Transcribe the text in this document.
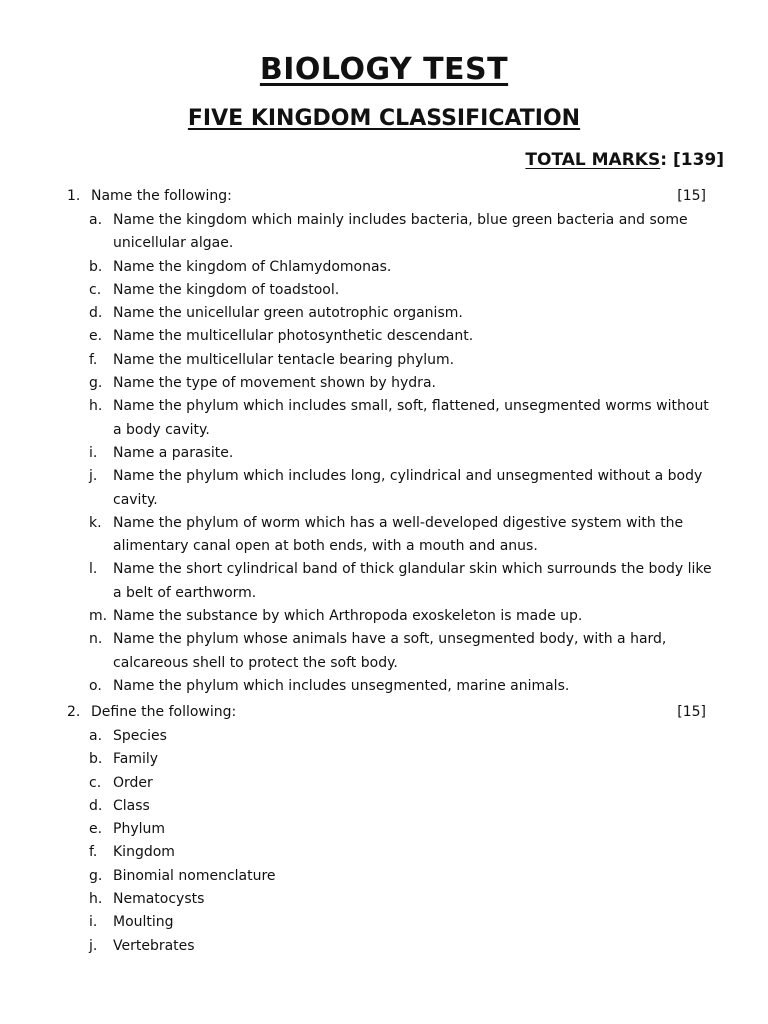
BIOLOGY TEST
FIVE KINGDOM CLASSIFICATION
TOTAL MARKS: [139]
1. Name the following:	[15]
a. Name the kingdom which mainly includes bacteria, blue green bacteria and some unicellular algae.
b. Name the kingdom of Chlamydomonas.
c. Name the kingdom of toadstool.
d. Name the unicellular green autotrophic organism.
e. Name the multicellular photosynthetic descendant.
f.	Name the multicellular tentacle bearing phylum.
g. Name the type of movement shown by hydra.
h. Name the phylum which includes small, soft, flattened, unsegmented worms without a body cavity.
i.	Name a parasite.
j.	Name the phylum which includes long, cylindrical and unsegmented without a body cavity.
k. Name the phylum of worm which has a well-developed digestive system with the alimentary canal open at both ends, with a mouth and anus.
l.	Name the short cylindrical band of thick glandular skin which surrounds the body like a belt of earthworm.
m. Name the substance by which Arthropoda exoskeleton is made up.
n. Name the phylum whose animals have a soft, unsegmented body, with a hard, calcareous shell to protect the soft body.
o. Name the phylum which includes unsegmented, marine animals.
2. Define the following:	[15]
a. Species
b. Family
c. Order
d. Class
e. Phylum
f.	Kingdom
g. Binomial nomenclature
h. Nematocysts
i.	Moulting
j.	Vertebrates
